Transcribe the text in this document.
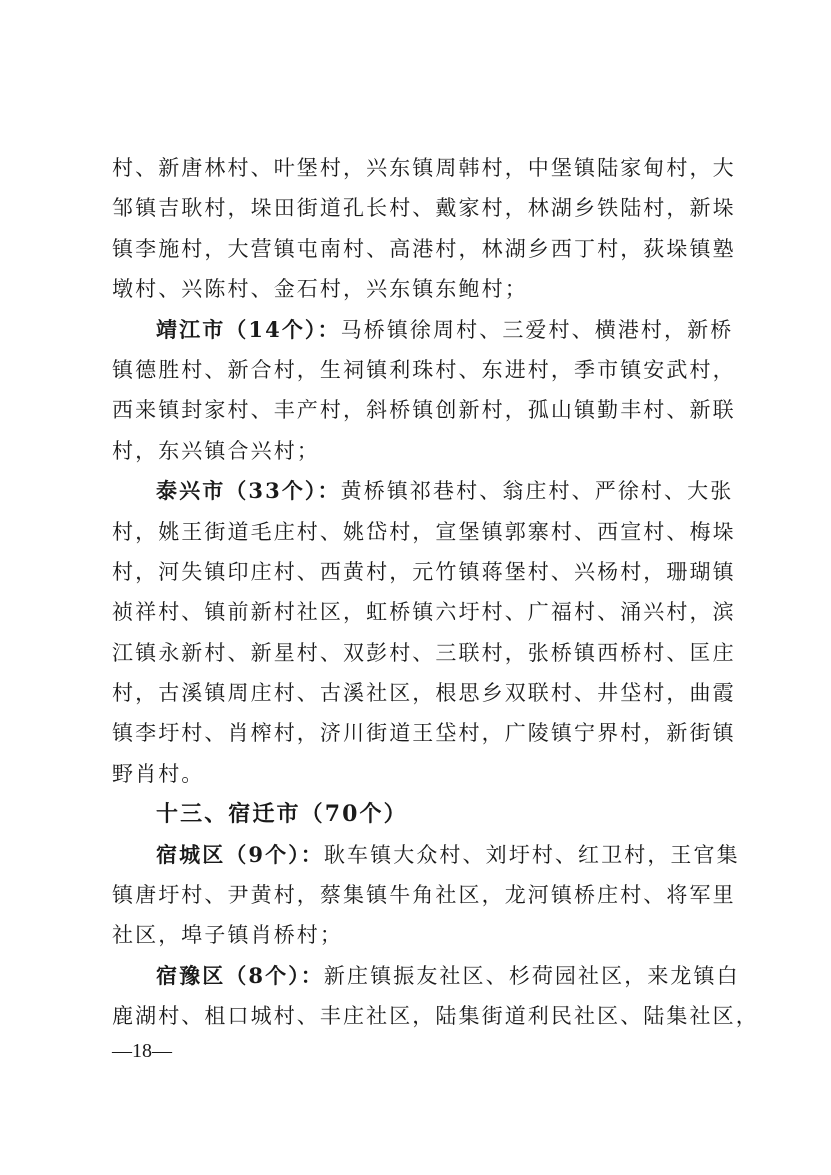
村、新唐林村、叶堡村，兴东镇周韩村，中堡镇陆家甸村，大
邹镇吉耿村，垛田街道孔长村、戴家村，林湖乡铁陆村，新垛
镇李施村，大营镇屯南村、高港村，林湖乡西丁村，荻垛镇塾
墩村、兴陈村、金石村，兴东镇东鲍村；
靖江市（14个）：马桥镇徐周村、三爱村、横港村，新桥
镇德胜村、新合村，生祠镇利珠村、东进村，季市镇安武村，
西来镇封家村、丰产村，斜桥镇创新村，孤山镇勤丰村、新联
村，东兴镇合兴村；
泰兴市（33个）：黄桥镇祁巷村、翁庄村、严徐村、大张
村，姚王街道毛庄村、姚岱村，宣堡镇郭寨村、西宣村、梅垛
村，河失镇印庄村、西黄村，元竹镇蒋堡村、兴杨村，珊瑚镇
祯祥村、镇前新村社区，虹桥镇六圩村、广福村、涌兴村，滨
江镇永新村、新星村、双彭村、三联村，张桥镇西桥村、匡庄
村，古溪镇周庄村、古溪社区，根思乡双联村、井垈村，曲霞
镇李圩村、肖榨村，济川街道王垈村，广陵镇宁界村，新街镇
野肖村。
十三、宿迁市（70个）
宿城区（9个）：耿车镇大众村、刘圩村、红卫村，王官集
镇唐圩村、尹黄村，蔡集镇牛角社区，龙河镇桥庄村、将军里
社区，埠子镇肖桥村；
宿豫区（8个）：新庄镇振友社区、杉荷园社区，来龙镇白
鹿湖村、柤口城村、丰庄社区，陆集街道利民社区、陆集社区，
—18—
